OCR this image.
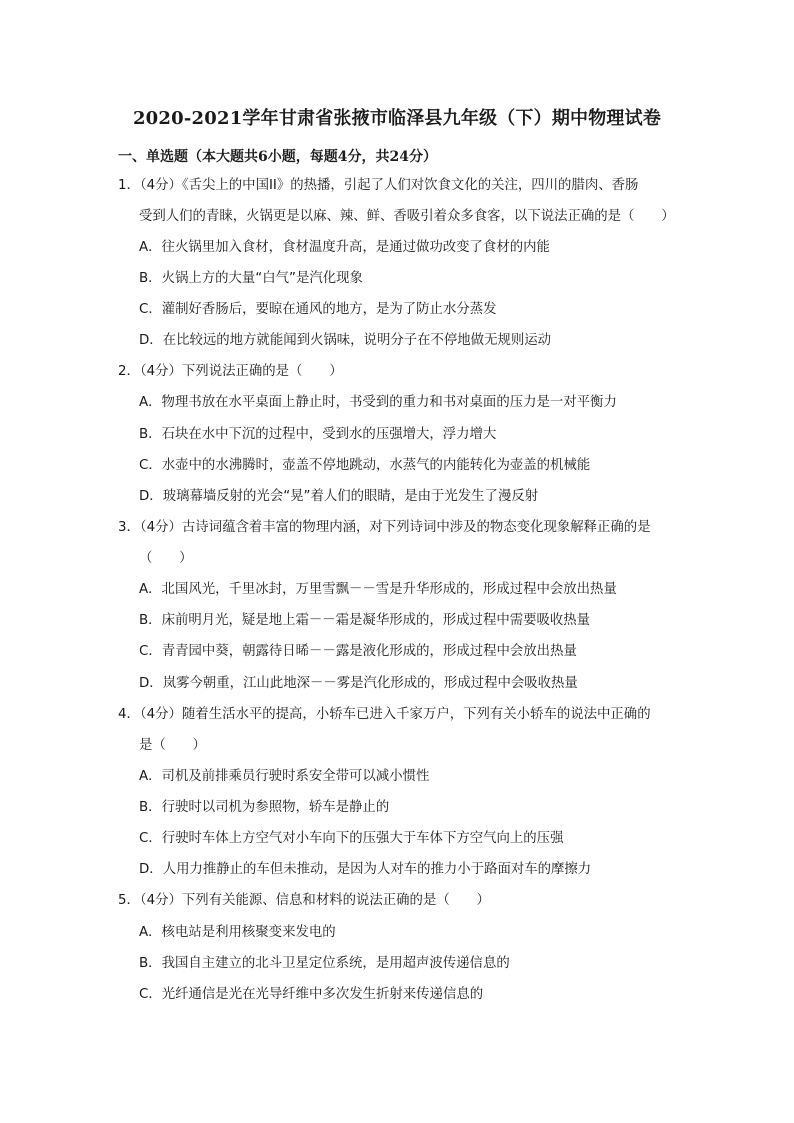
2020-2021学年甘肃省张掖市临泽县九年级（下）期中物理试卷
一、单选题（本大题共6小题，每题4分，共24分）
1．（4分）《舌尖上的中国II》的热播，引起了人们对饮食文化的关注，四川的腊肉、香肠
受到人们的青睐，火锅更是以麻、辣、鲜、香吸引着众多食客，以下说法正确的是（　　）
A．往火锅里加入食材，食材温度升高，是通过做功改变了食材的内能
B．火锅上方的大量“白气”是汽化现象
C．灌制好香肠后，要晾在通风的地方，是为了防止水分蒸发
D．在比较远的地方就能闻到火锅味，说明分子在不停地做无规则运动
2．（4分）下列说法正确的是（　　）
A．物理书放在水平桌面上静止时，书受到的重力和书对桌面的压力是一对平衡力
B．石块在水中下沉的过程中，受到水的压强增大，浮力增大
C．水壶中的水沸腾时，壶盖不停地跳动，水蒸气的内能转化为壶盖的机械能
D．玻璃幕墙反射的光会“晃”着人们的眼睛，是由于光发生了漫反射
3．（4分）古诗词蕴含着丰富的物理内涵，对下列诗词中涉及的物态变化现象解释正确的是
（　　）
A．北国风光，千里冰封，万里雪飘－－雪是升华形成的，形成过程中会放出热量
B．床前明月光，疑是地上霜－－霜是凝华形成的，形成过程中需要吸收热量
C．青青园中葵，朝露待日晞－－露是液化形成的，形成过程中会放出热量
D．岚雾今朝重，江山此地深－－雾是汽化形成的，形成过程中会吸收热量
4．（4分）随着生活水平的提高，小轿车已进入千家万户，下列有关小轿车的说法中正确的
是（　　）
A．司机及前排乘员行驶时系安全带可以减小惯性
B．行驶时以司机为参照物，轿车是静止的
C．行驶时车体上方空气对小车向下的压强大于车体下方空气向上的压强
D．人用力推静止的车但未推动，是因为人对车的推力小于路面对车的摩擦力
5．（4分）下列有关能源、信息和材料的说法正确的是（　　）
A．核电站是利用核聚变来发电的
B．我国自主建立的北斗卫星定位系统，是用超声波传递信息的
C．光纤通信是光在光导纤维中多次发生折射来传递信息的
